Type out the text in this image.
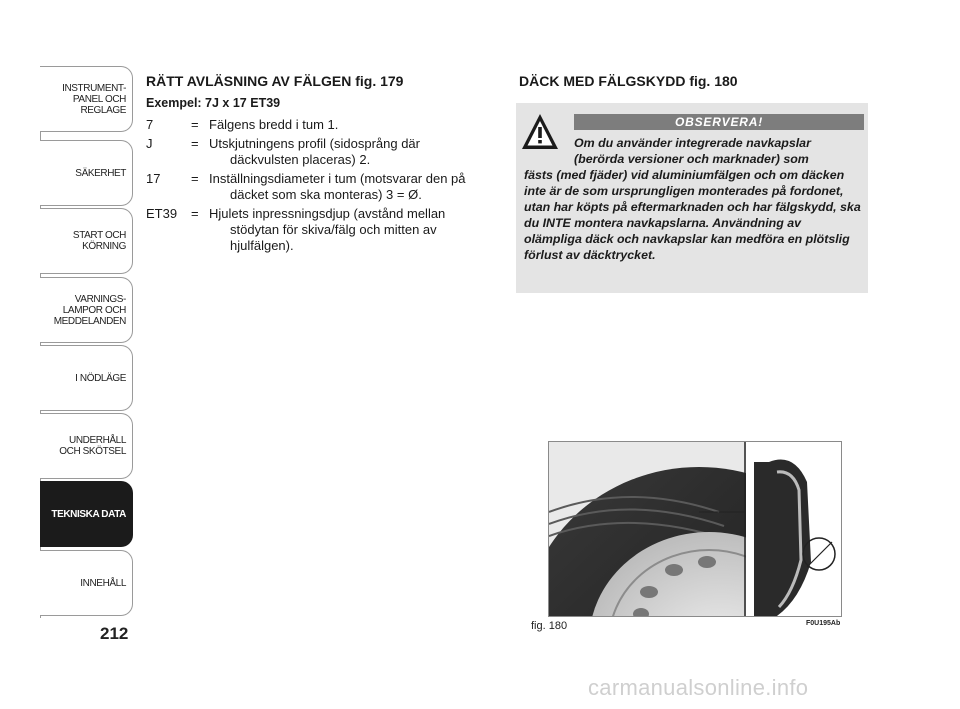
INSTRUMENT-
PANEL OCH
REGLAGE
SÄKERHET
START OCH
KÖRNING
VARNINGS-
LAMPOR OCH
MEDDELANDEN
I NÖDLÄGE
UNDERHÅLL
OCH SKÖTSEL
TEKNISKA DATA
INNEHÅLL
212
RÄTT AVLÄSNING AV FÄLGEN fig. 179
Exempel: 7J x 17 ET39
7	= Fälgens bredd i tum 1.
J	= Utskjutningens profil (sidosprång där
däckvulsten placeras) 2.
17	= Inställningsdiameter i tum (motsvarar den på
däcket som ska monteras) 3 = Ø.
ET39	= Hjulets inpressningsdjup (avstånd mellan
stödytan för skiva/fälg och mitten av
hjulfälgen).
DÄCK MED FÄLGSKYDD fig. 180
OBSERVERA!
Om du använder integrerade navkapslar
(berörda versioner och marknader) som
fästs (med fjäder) vid aluminiumfälgen och om däcken inte är de som ursprungligen monterades på fordonet, utan har köpts på eftermarknaden och har fälgskydd, ska du INTE montera navkapslarna. Användning av olämpliga däck och navkapslar kan medföra en plötslig förlust av däcktrycket.
fig. 180	F0U195Ab
carmanualsonline.info
